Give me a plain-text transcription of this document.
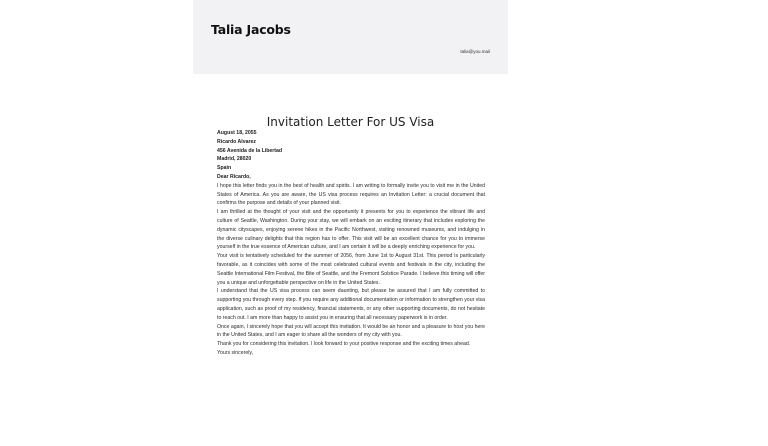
Talia Jacobs
talia@you.mail
Invitation Letter For US Visa
August 18, 2055
Ricardo Alvarez
456 Avenida de la Libertad
Madrid, 28020
Spain
Dear Ricardo,
I hope this letter finds you in the best of health and spirits. I am writing to formally invite you to visit me in the United States of America. As you are aware, the US visa process requires an Invitation Letter: a crucial document that confirms the purpose and details of your planned visit.
I am thrilled at the thought of your visit and the opportunity it presents for you to experience the vibrant life and culture of Seattle, Washington. During your stay, we will embark on an exciting itinerary that includes exploring the dynamic cityscapes, enjoying serene hikes in the Pacific Northwest, visiting renowned museums, and indulging in the diverse culinary delights that this region has to offer. This visit will be an excellent chance for you to immerse yourself in the true essence of American culture, and I am certain it will be a deeply enriching experience for you.
Your visit is tentatively scheduled for the summer of 2056, from June 1st to August 31st. This period is particularly favorable, as it coincides with some of the most celebrated cultural events and festivals in the city, including the Seattle International Film Festival, the Bite of Seattle, and the Fremont Solstice Parade. I believe this timing will offer you a unique and unforgettable perspective on life in the United States.
I understand that the US visa process can seem daunting, but please be assured that I am fully committed to supporting you through every step. If you require any additional documentation or information to strengthen your visa application, such as proof of my residency, financial statements, or any other supporting documents, do not hesitate to reach out. I am more than happy to assist you in ensuring that all necessary paperwork is in order.
Once again, I sincerely hope that you will accept this invitation. It would be an honor and a pleasure to host you here in the United States, and I am eager to share all the wonders of my city with you.
Thank you for considering this invitation. I look forward to your positive response and the exciting times ahead.
Yours sincerely,
